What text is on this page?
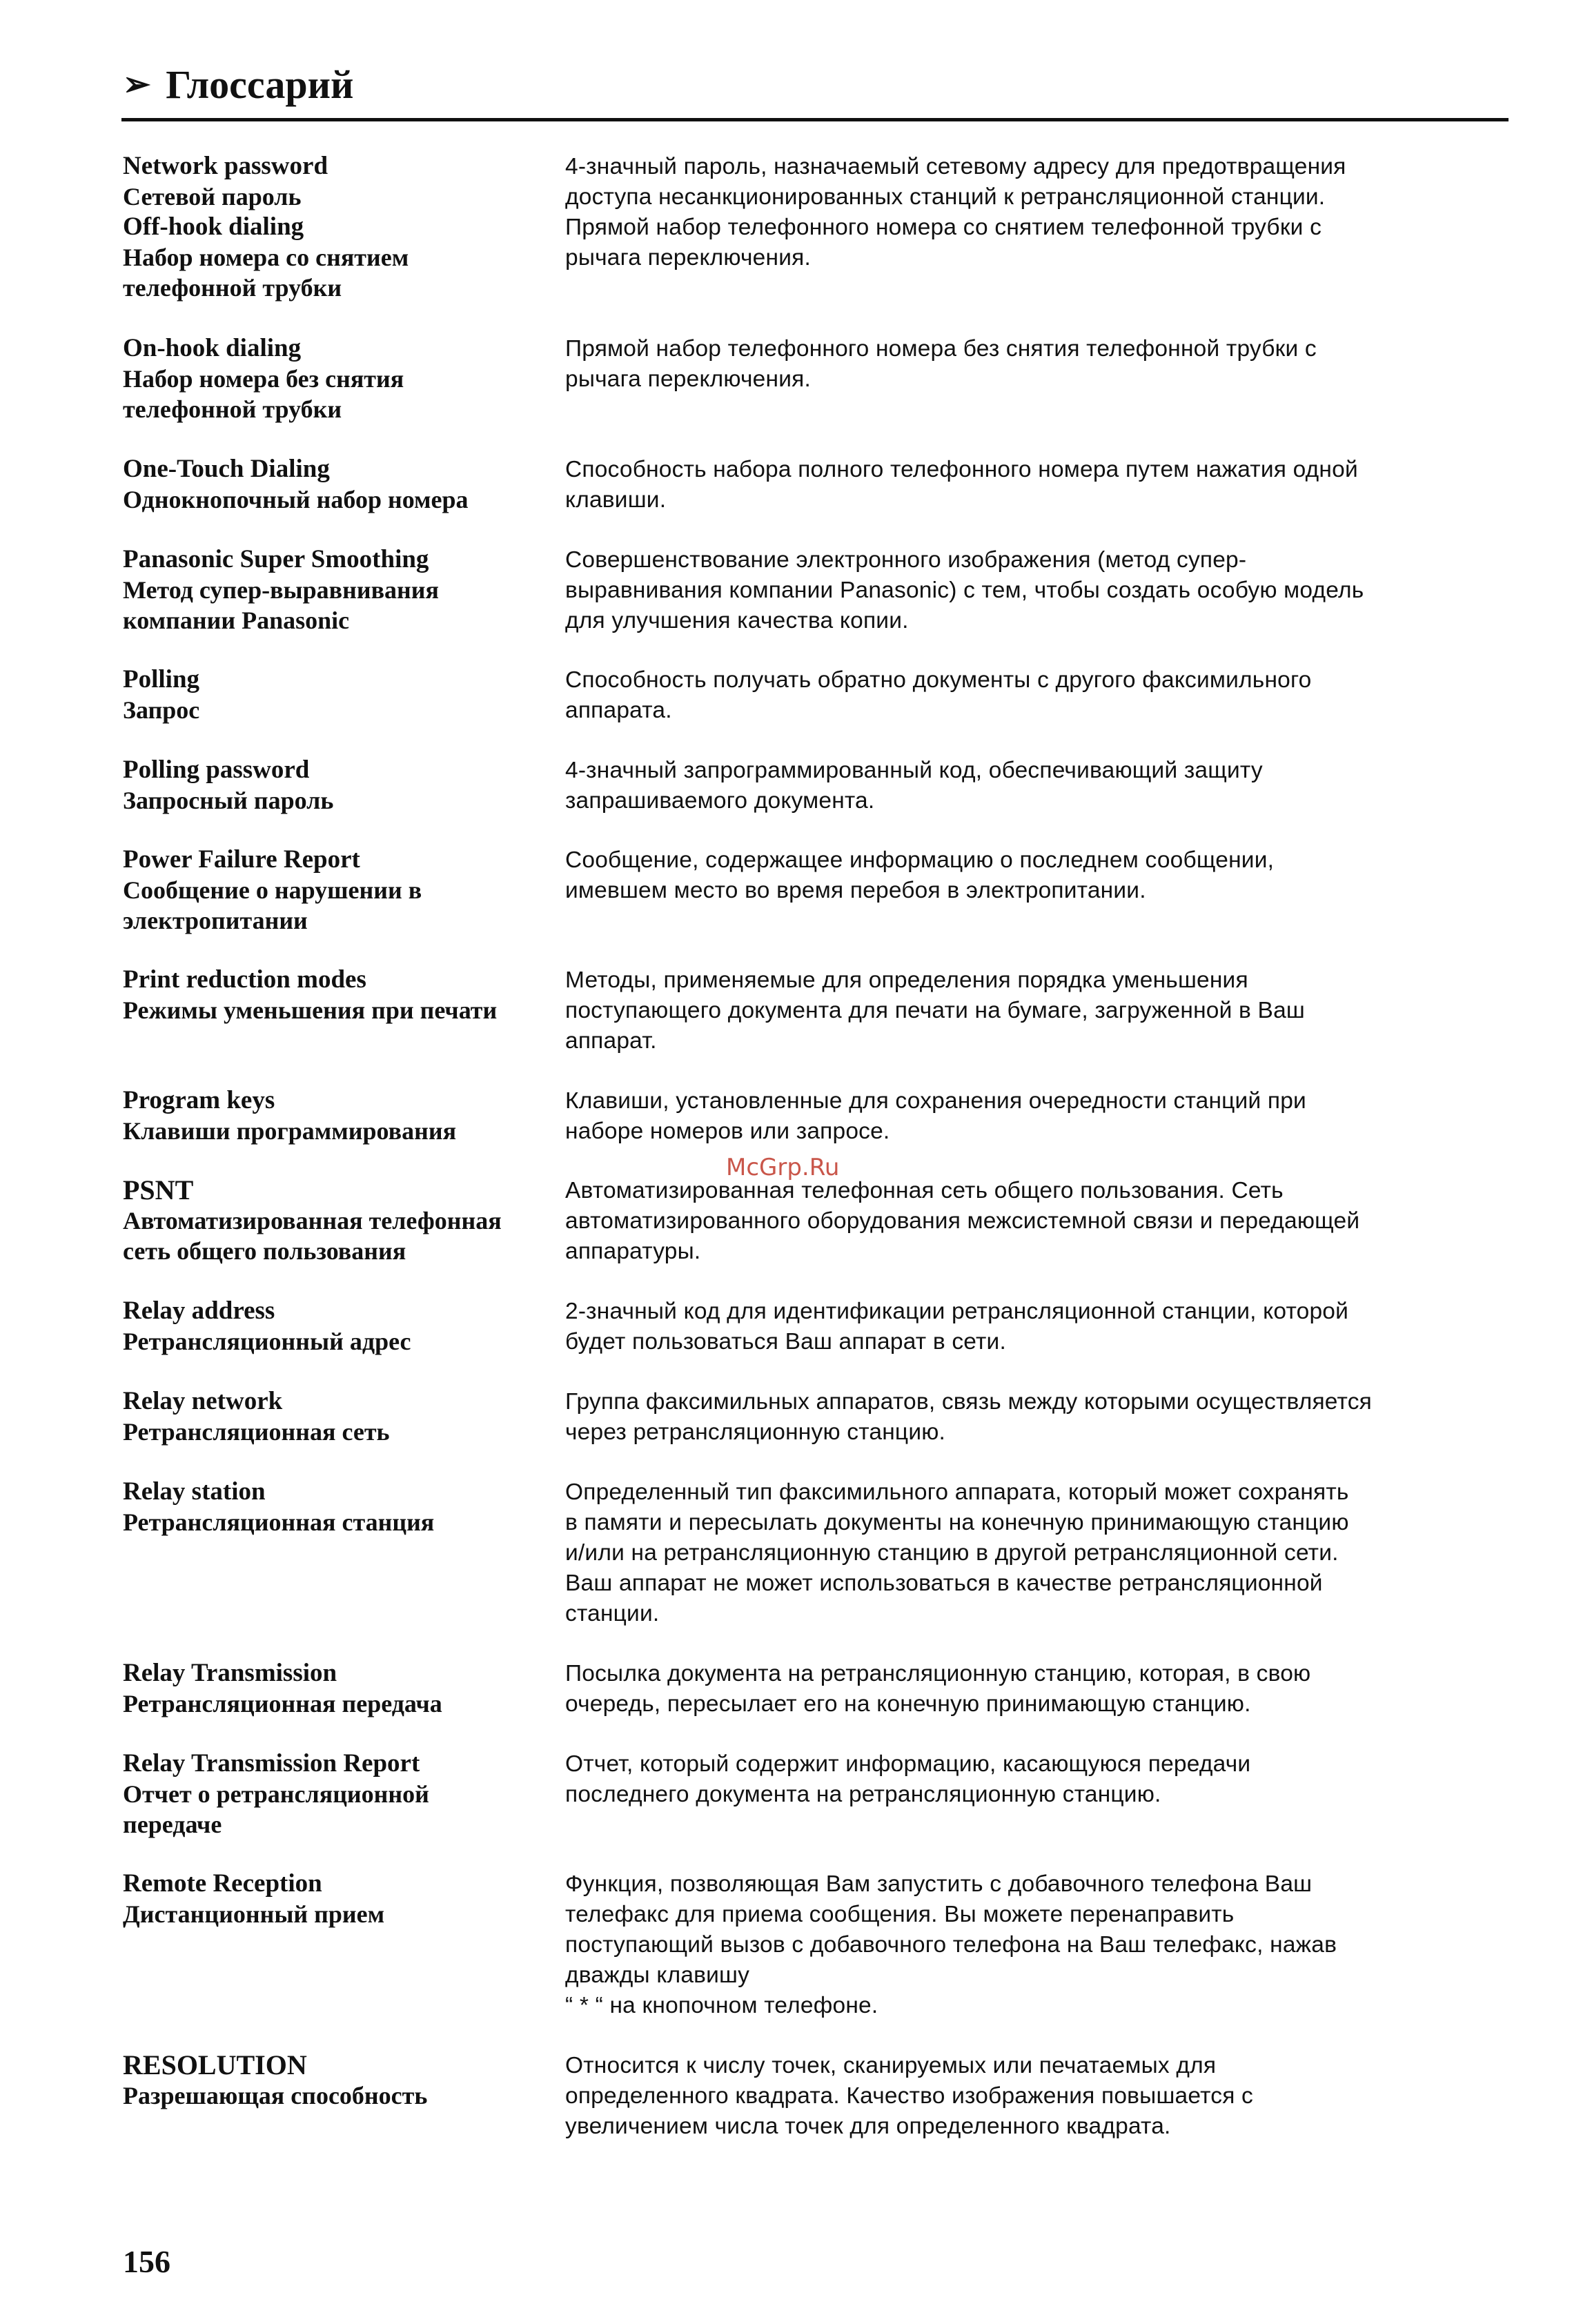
➢ Глоссарий
Network password
Сетевой пароль
4-значный пароль, назначаемый сетевому адресу для предотвращения
доступа несанкционированных станций к ретрансляционной станции.
Off-hook dialing
Набор номера со снятием
телефонной трубки
Прямой набор телефонного номера со снятием телефонной трубки с
рычага переключения.
On-hook dialing
Набор номера без снятия
телефонной трубки
Прямой набор телефонного номера без снятия телефонной трубки с
рычага переключения.
One-Touch Dialing
Однокнопочный набор номера
Способность набора полного телефонного номера путем нажатия одной
клавиши.
Panasonic Super Smoothing
Метод супер-выравнивания
компании Panasonic
Совершенствование электронного изображения (метод супер-
выравнивания компании Panasonic) с тем, чтобы создать особую модель
для улучшения качества копии.
Polling
Запрос
Способность получать обратно документы с другого факсимильного
аппарата.
Polling password
Запросный пароль
4-значный запрограммированный код, обеспечивающий защиту
запрашиваемого документа.
Power Failure Report
Сообщение о нарушении в
электропитании
Сообщение, содержащее информацию о последнем сообщении,
имевшем место во время перебоя в электропитании.
Print reduction modes
Режимы уменьшения при печати
Методы, применяемые для определения порядка уменьшения
поступающего документа для печати на бумаге, загруженной в Ваш
аппарат.
Program keys
Клавиши программирования
Клавиши, установленные для сохранения очередности станций при
наборе номеров или запросе.
PSNT
Автоматизированная телефонная
сеть общего пользования
Автоматизированная телефонная сеть общего пользования. Сеть
автоматизированного оборудования межсистемной связи и передающей
аппаратуры.
Relay address
Ретрансляционный адрес
2-значный код для идентификации ретрансляционной станции, которой
будет пользоваться Ваш аппарат в сети.
Relay network
Ретрансляционная сеть
Группа факсимильных аппаратов, связь между которыми осуществляется
через ретрансляционную станцию.
Relay station
Ретрансляционная станция
Определенный тип факсимильного аппарата, который может сохранять
в памяти и пересылать документы на конечную принимающую станцию
и/или на ретрансляционную станцию в другой ретрансляционной сети.
Ваш аппарат не может использоваться в качестве ретрансляционной
станции.
Relay Transmission
Ретрансляционная передача
Посылка документа на ретрансляционную станцию, которая, в свою
очередь, пересылает его на конечную принимающую станцию.
Relay Transmission Report
Отчет о ретрансляционной
передаче
Отчет, который содержит информацию, касающуюся передачи
последнего документа на ретрансляционную станцию.
Remote Reception
Дистанционный прием
Функция, позволяющая Вам запустить с добавочного телефона Ваш
телефакс для приема сообщения. Вы можете перенаправить
поступающий вызов с добавочного телефона на Ваш телефакс, нажав
дважды клавишу
“ * “ на кнопочном телефоне.
RESOLUTION
Разрешающая способность
Относится к числу точек, сканируемых или печатаемых для
определенного квадрата. Качество изображения повышается с
увеличением числа точек для определенного квадрата.
McGrp.Ru
156
